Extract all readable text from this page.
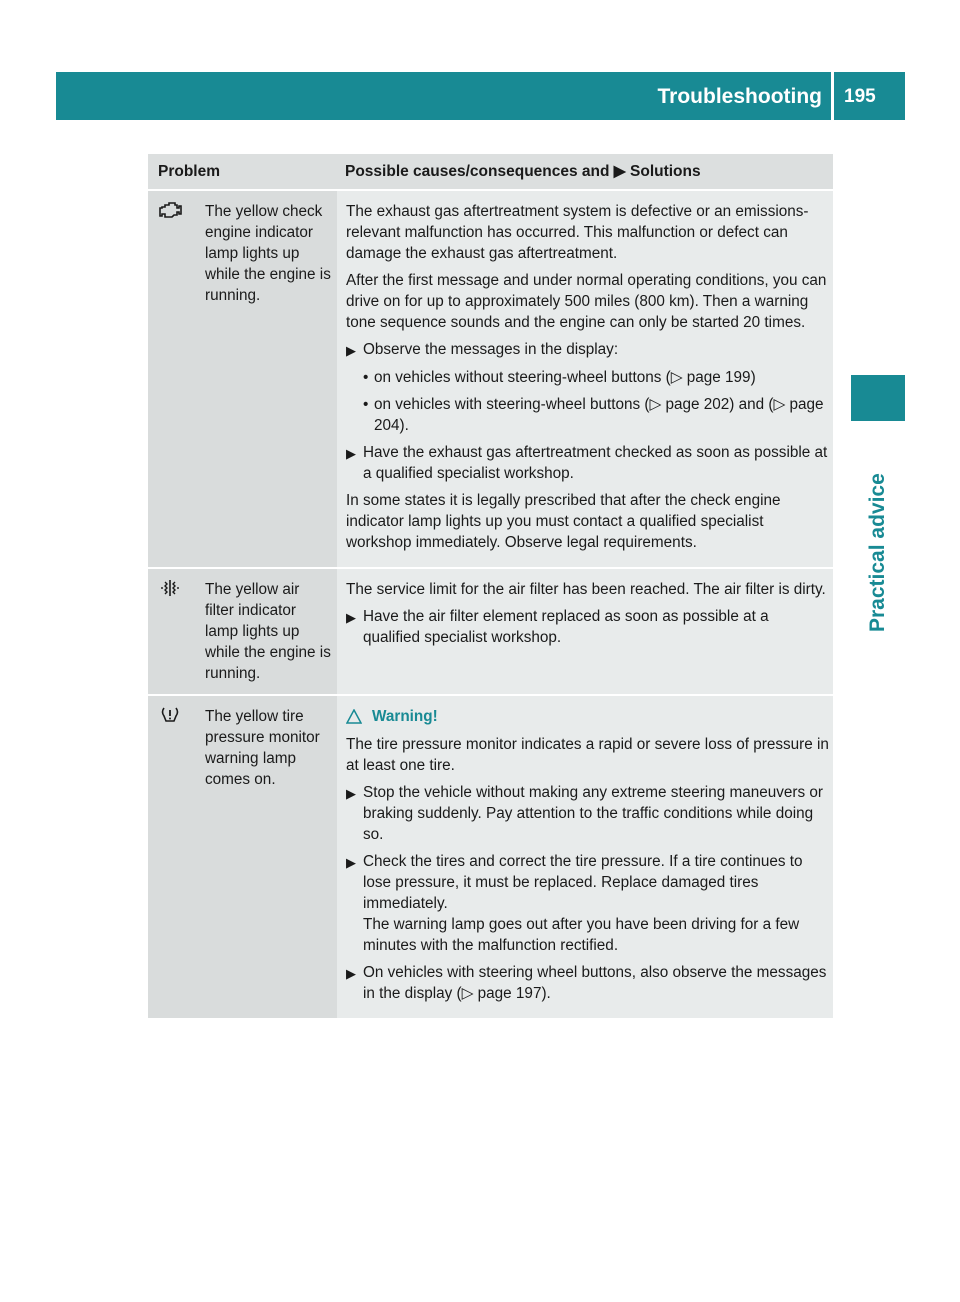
Troubleshooting 195
Practical advice
Problem	Possible causes/consequences and ▶ Solutions
The yellow check engine indicator lamp lights up while the engine is running.

The exhaust gas aftertreatment system is defective or an emissions-relevant malfunction has occurred. This malfunction or defect can damage the exhaust gas aftertreatment.

After the first message and under normal operating conditions, you can drive on for up to approximately 500 miles (800 km). Then a warning tone sequence sounds and the engine can only be started 20 times.

▶ Observe the messages in the display:
• on vehicles without steering-wheel buttons (▷ page 199)
• on vehicles with steering-wheel buttons (▷ page 202) and (▷ page 204).
▶ Have the exhaust gas aftertreatment checked as soon as possible at a qualified specialist workshop.

In some states it is legally prescribed that after the check engine indicator lamp lights up you must contact a qualified specialist workshop immediately. Observe legal requirements.

The yellow air filter indicator lamp lights up while the engine is running.

The service limit for the air filter has been reached. The air filter is dirty.

▶ Have the air filter element replaced as soon as possible at a qualified specialist workshop.
The yellow tire pressure monitor warning lamp comes on.
Warning!

The tire pressure monitor indicates a rapid or severe loss of pressure in at least one tire.

▶ Stop the vehicle without making any extreme steering maneuvers or braking suddenly. Pay attention to the traffic conditions while doing so.
▶ Check the tires and correct the tire pressure. If a tire continues to lose pressure, it must be replaced. Replace damaged tires immediately.
The warning lamp goes out after you have been driving for a few minutes with the malfunction rectified.
▶ On vehicles with steering wheel buttons, also observe the messages in the display (▷ page 197).
